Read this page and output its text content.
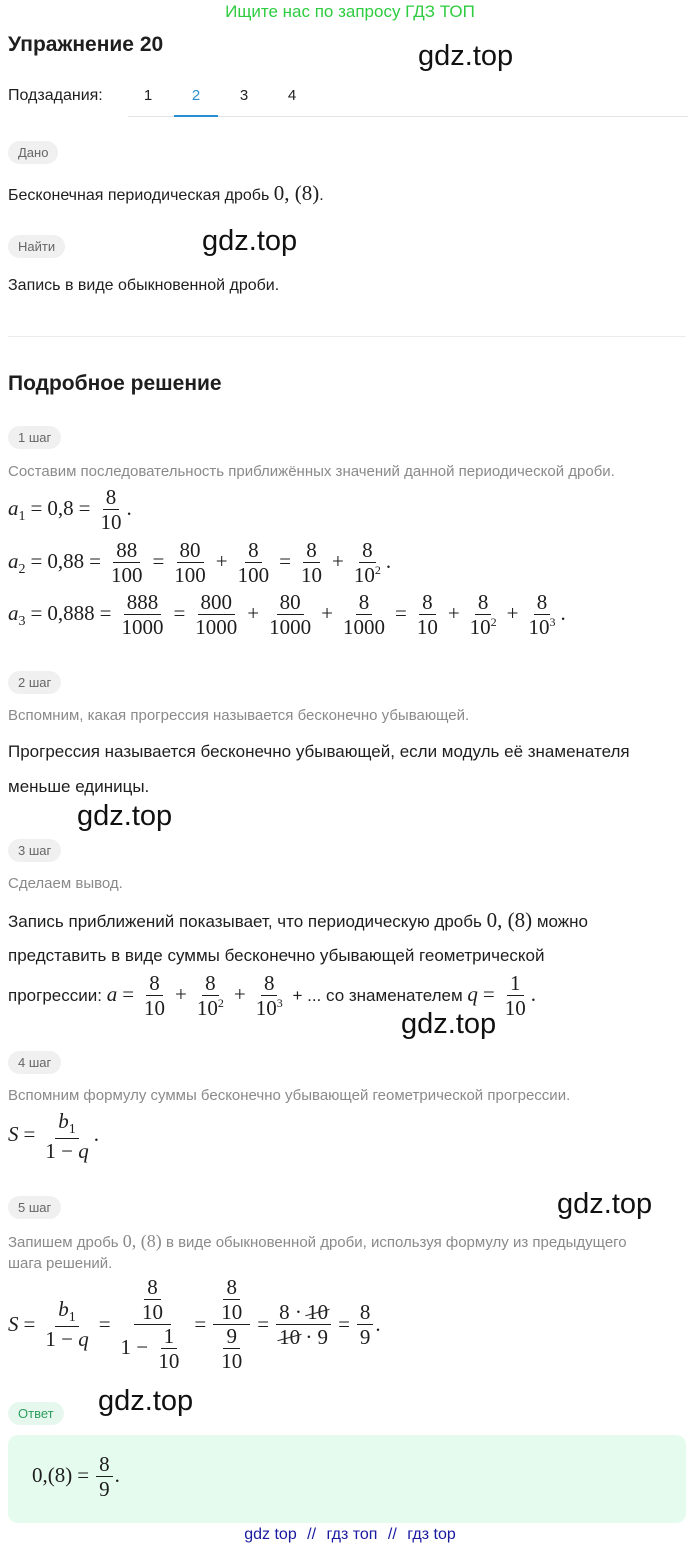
Ищите нас по запросу ГДЗ ТОП
Упражнение 20	gdz.top
Подзадания:	1	2	3	4
Дано
Бесконечная периодическая дробь 0, (8).
Найти	gdz.top
Запись в виде обыкновенной дроби.
Подробное решение
1 шаг
Составим последовательность приближённых значений данной периодической дроби.
$a_1 = 0,8 = \frac{8}{10}$ .
$a_2 = 0,88 = \frac{88}{100} = \frac{80}{100} + \frac{8}{100} = \frac{8}{10} + \frac{8}{10^2}$ .
$a_3 = 0,888 = \frac{888}{1000} = \frac{800}{1000} + \frac{80}{1000} + \frac{8}{1000} = \frac{8}{10} + \frac{8}{10^2} + \frac{8}{10^3}$ .
2 шаг
Вспомним, какая прогрессия называется бесконечно убывающей.
Прогрессия называется бесконечно убывающей, если модуль её знаменателя
меньше единицы.
gdz.top
3 шаг
Сделаем вывод.
Запись приближений показывает, что периодическую дробь 0, (8) можно
представить в виде суммы бесконечно убывающей геометрической
прогрессии: $a = \frac{8}{10} + \frac{8}{10^2} + \frac{8}{10^3}$ + ... со знаменателем $q = \frac{1}{10}$ .
gdz.top
4 шаг
Вспомним формулу суммы бесконечно убывающей геометрической прогрессии.
$S = \frac{b_1}{1 - q}$ .
gdz.top
5 шаг
Запишем дробь 0, (8) в виде обыкновенной дроби, используя формулу из предыдущего
шага решений.
$S = \frac{b_1}{1 - q} = \frac{\frac{8}{10}}{1 - \frac{1}{10}} = \frac{\frac{8}{10}}{\frac{9}{10}} = \frac{8 \cdot 10}{10 \cdot 9} = \frac{8}{9}$ .
Ответ	gdz.top
$0,(8) = \frac{8}{9}$ .
gdz top // гдз топ // гдз top
